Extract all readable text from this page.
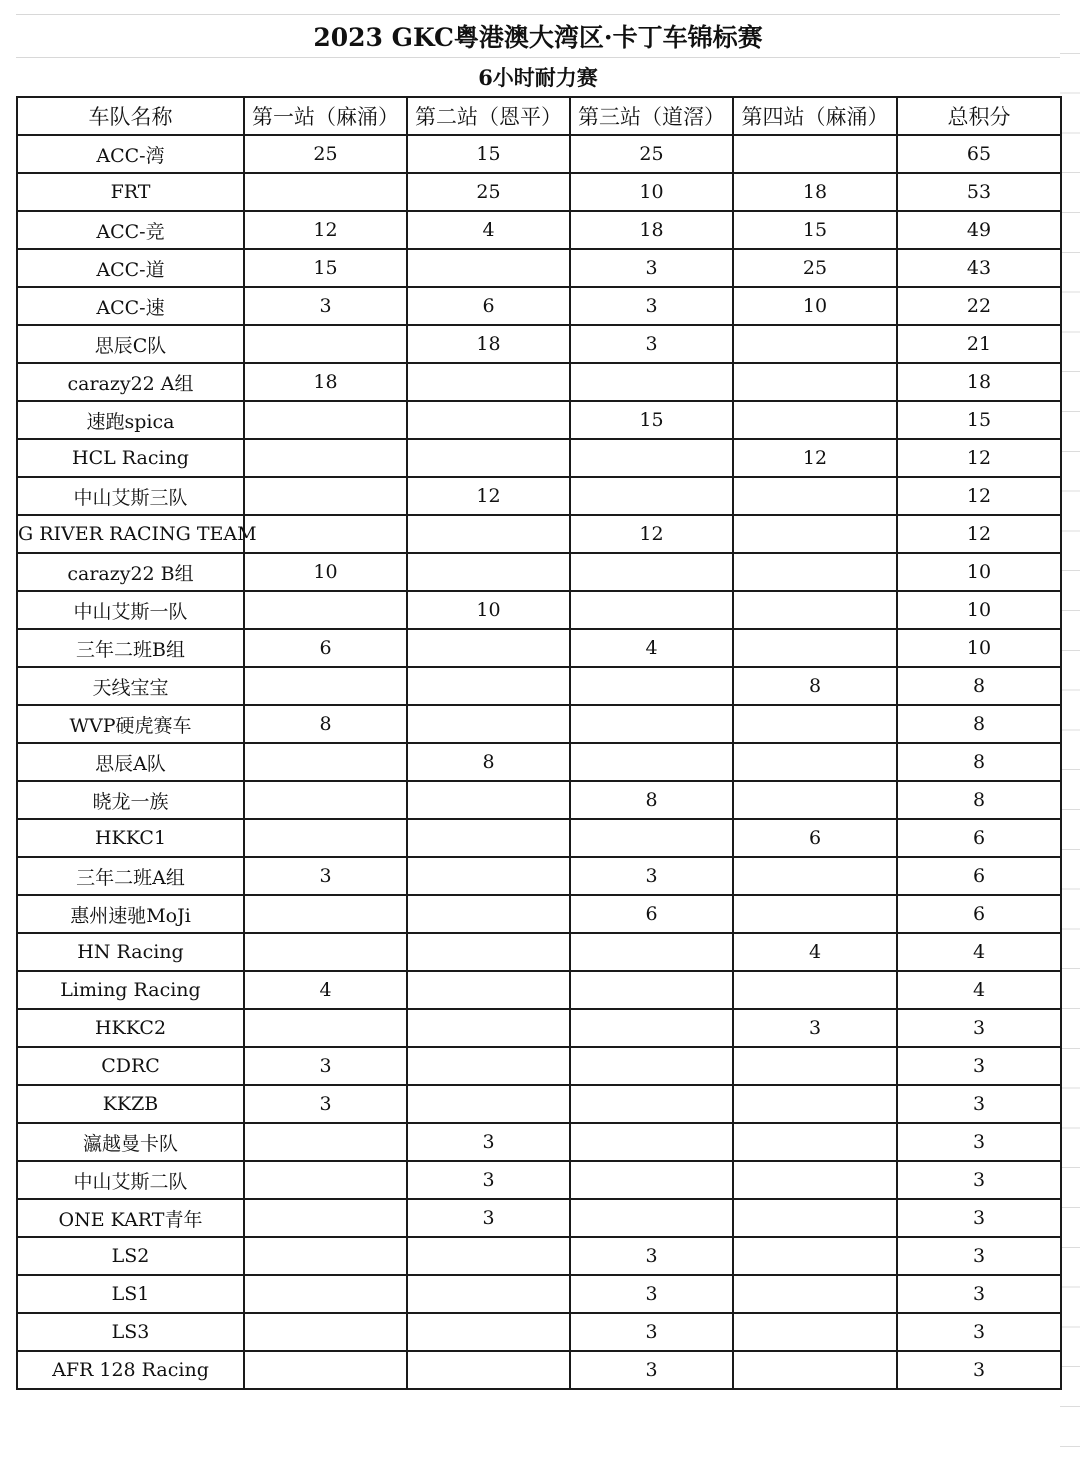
2023 GKC粤港澳大湾区·卡丁车锦标赛
6小时耐力赛
车队名称	第一站（麻涌）	第二站（恩平）	第三站（道滘）	第四站（麻涌）	总积分
ACC-湾	25	15	25		65
FRT		25	10	18	53
ACC-竞	12	4	18	15	49
ACC-道	15		3	25	43
ACC-速	3	6	3	10	22
思辰C队		18	3		21
carazy22 A组	18				18
速跑spica			15		15
HCL Racing				12	12
中山艾斯三队		12			12
G RIVER RACING TEAM			12		12
carazy22 B组	10				10
中山艾斯一队		10			10
三年二班B组	6		4		10
天线宝宝				8	8
WVP硬虎赛车	8				8
思辰A队		8			8
晓龙一族			8		8
HKKC1				6	6
三年二班A组	3		3		6
惠州速驰MoJi			6		6
HN Racing				4	4
Liming Racing	4				4
HKKC2				3	3
CDRC	3				3
KKZB	3				3
瀛越曼卡队		3			3
中山艾斯二队		3			3
ONE KART青年		3			3
LS2			3		3
LS1			3		3
LS3			3		3
AFR 128 Racing			3		3
